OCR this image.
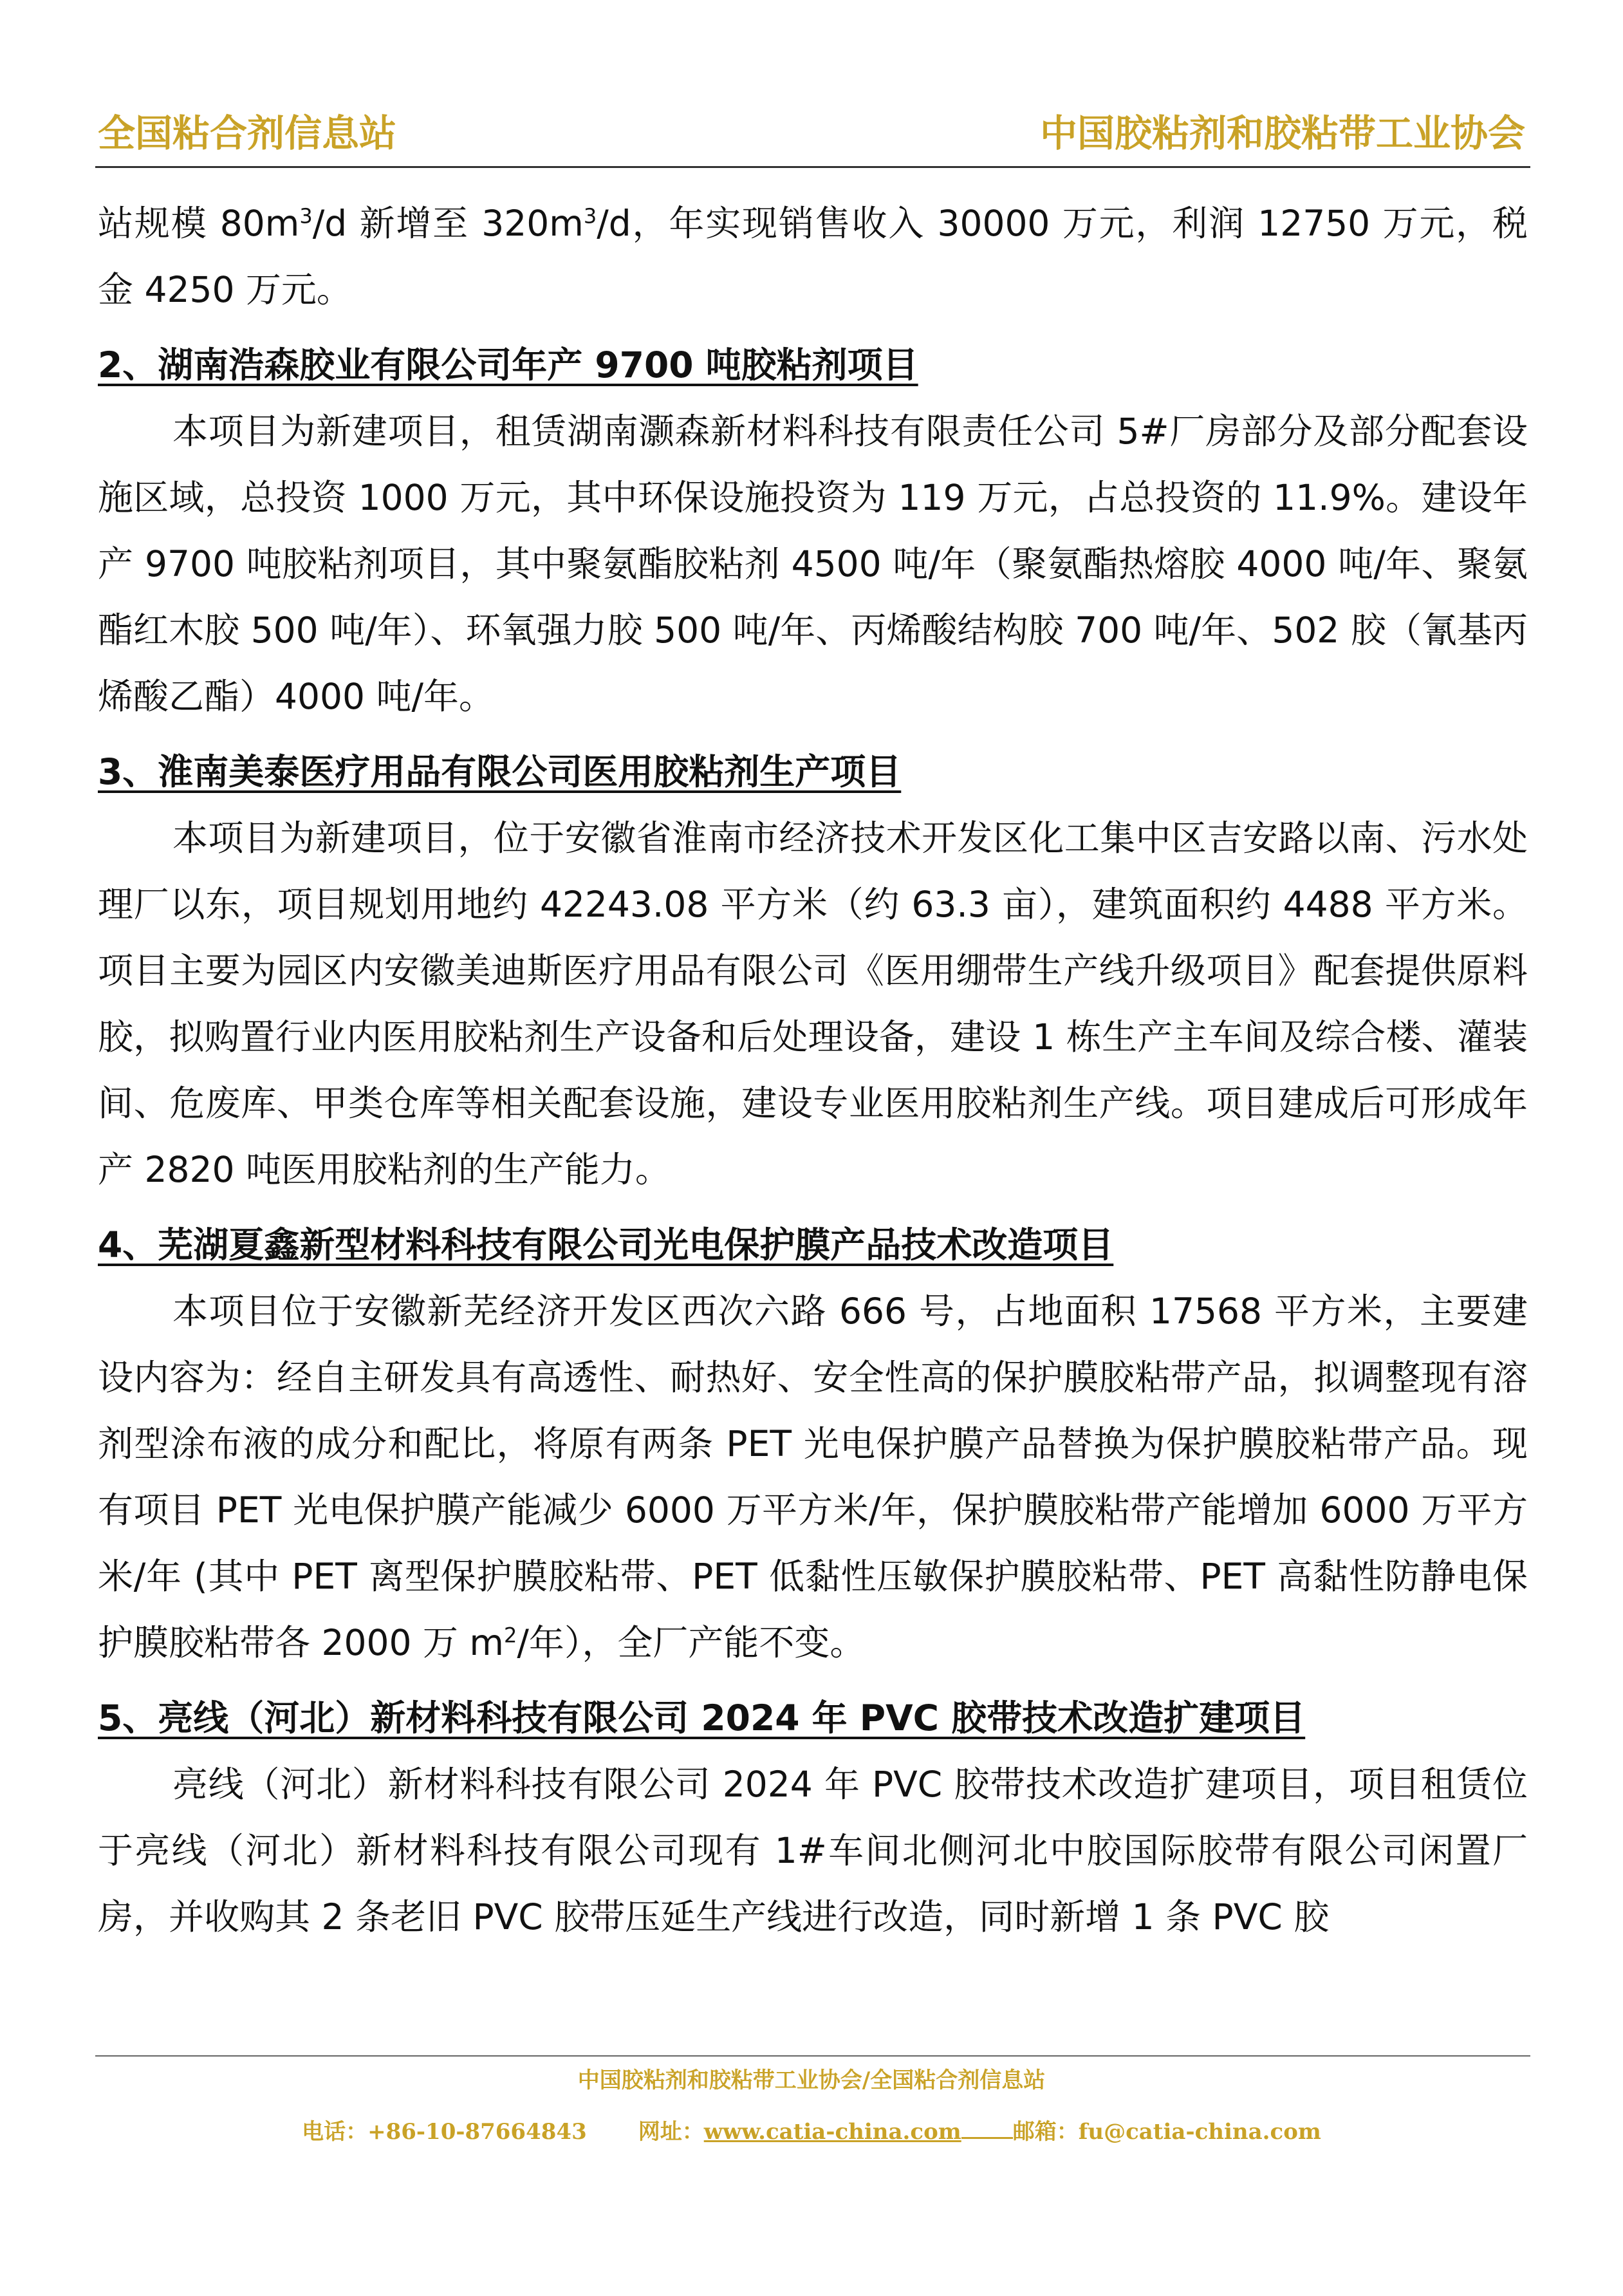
全国粘合剂信息站	中国胶粘剂和胶粘带工业协会

站规模 $80m^3/d$ 新增至 $320m^3/d$，年实现销售收入 30000 万元，利润 12750 万元，税金 4250 万元。

2、湖南浩森胶业有限公司年产 9700 吨胶粘剂项目

本项目为新建项目，租赁湖南灏森新材料科技有限责任公司 5#厂房部分及部分配套设施区域，总投资 1000 万元，其中环保设施投资为 119 万元，占总投资的 11.9%。建设年产 9700 吨胶粘剂项目，其中聚氨酯胶粘剂 4500 吨/年（聚氨酯热熔胶 4000 吨/年、聚氨酯红木胶 500 吨/年）、环氧强力胶 500 吨/年、丙烯酸结构胶 700 吨/年、502 胶（氰基丙烯酸乙酯）4000 吨/年。

3、淮南美泰医疗用品有限公司医用胶粘剂生产项目

本项目为新建项目，位于安徽省淮南市经济技术开发区化工集中区吉安路以南、污水处理厂以东，项目规划用地约 42243.08 平方米（约 63.3 亩），建筑面积约 4488 平方米。项目主要为园区内安徽美迪斯医疗用品有限公司《医用绷带生产线升级项目》配套提供原料胶，拟购置行业内医用胶粘剂生产设备和后处理设备，建设 1 栋生产主车间及综合楼、灌装间、危废库、甲类仓库等相关配套设施，建设专业医用胶粘剂生产线。项目建成后可形成年产 2820 吨医用胶粘剂的生产能力。

4、芜湖夏鑫新型材料科技有限公司光电保护膜产品技术改造项目

本项目位于安徽新芜经济开发区西次六路 666 号，占地面积 17568 平方米，主要建设内容为：经自主研发具有高透性、耐热好、安全性高的保护膜胶粘带产品，拟调整现有溶剂型涂布液的成分和配比，将原有两条 PET 光电保护膜产品替换为保护膜胶粘带产品。现有项目 PET 光电保护膜产能减少 6000 万平方米/年，保护膜胶粘带产能增加 6000 万平方米/年 (其中 PET 离型保护膜胶粘带、PET 低黏性压敏保护膜胶粘带、PET 高黏性防静电保护膜胶粘带各 2000 万 $m^2/$年），全厂产能不变。

5、亮线（河北）新材料科技有限公司 2024 年 PVC 胶带技术改造扩建项目

亮线（河北）新材料科技有限公司 2024 年 PVC 胶带技术改造扩建项目，项目租赁位于亮线（河北）新材料科技有限公司现有 1#车间北侧河北中胶国际胶带有限公司闲置厂房，并收购其 2 条老旧 PVC 胶带压延生产线进行改造，同时新增 1 条 PVC 胶

中国胶粘剂和胶粘带工业协会/全国粘合剂信息站
电话：+86-10-87664843 网址：www.catia-china.com 邮箱：fu@catia-china.com
